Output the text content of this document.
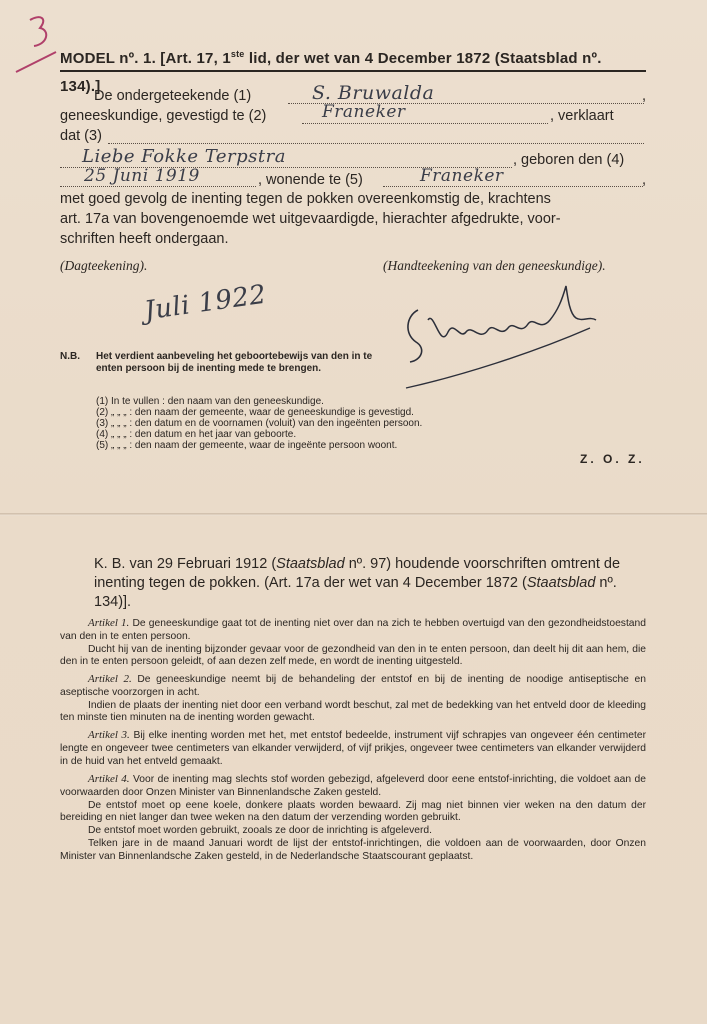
MODEL nº. 1. [Art. 17, 1ste lid, der wet van 4 December 1872 (Staatsblad nº. 134).]
De ondergeteekende (1)	S. Bruwalda	,
geneeskundige, gevestigd te (2)	Franeker	, verklaart
dat (3)
Liebe Fokke Terpstra	, geboren den (4)
25 Juni 1919	, wonende te (5)	Franeker	,
met goed gevolg de inenting tegen de pokken overeenkomstig de, krachtens
art. 17a van bovengenoemde wet uitgevaardigde, hierachter afgedrukte, voor-
schriften heeft ondergaan.
(Dagteekening).	(Handteekening van den geneeskundige).
Juli 1922
N.B. Het verdient aanbeveling het geboortebewijs van den in te enten persoon bij de inenting mede te brengen.
(1) In te vullen : den naam van den geneeskundige.
(2) „ „ „ : den naam der gemeente, waar de geneeskundige is gevestigd.
(3) „ „ „ : den datum en de voornamen (voluit) van den ingeënten persoon.
(4) „ „ „ : den datum en het jaar van geboorte.
(5) „ „ „ : den naam der gemeente, waar de ingeënte persoon woont.
Z. O. Z.
K. B. van 29 Februari 1912 (Staatsblad nº. 97) houdende voorschriften omtrent de inenting tegen de pokken. (Art. 17a der wet van 4 December 1872 (Staatsblad nº. 134)].

Artikel 1. De geneeskundige gaat tot de inenting niet over dan na zich te hebben overtuigd van den gezondheidstoestand van den in te enten persoon.

Ducht hij van de inenting bijzonder gevaar voor de gezondheid van den in te enten persoon, dan deelt hij dit aan hem, die den in te enten persoon geleidt, of aan dezen zelf mede, en wordt de inenting uitgesteld.

Artikel 2. De geneeskundige neemt bij de behandeling der entstof en bij de inenting de noodige antiseptische en aseptische voorzorgen in acht.

Indien de plaats der inenting niet door een verband wordt beschut, zal met de bedekking van het entveld door de kleeding ten minste tien minuten na de inenting worden gewacht.

Artikel 3. Bij elke inenting worden met het, met entstof bedeelde, instrument vijf schrapjes van ongeveer één centimeter lengte en ongeveer twee centimeters van elkander verwijderd, of vijf prikjes, ongeveer twee centimeters van elkander verwijderd in de huid van het entveld gemaakt.

Artikel 4. Voor de inenting mag slechts stof worden gebezigd, afgeleverd door eene entstof-inrichting, die voldoet aan de voorwaarden door Onzen Minister van Binnenlandsche Zaken gesteld.

De entstof moet op eene koele, donkere plaats worden bewaard. Zij mag niet binnen vier weken na den datum der bereiding en niet langer dan twee weken na den datum der verzending worden gebruikt.

De entstof moet worden gebruikt, zooals ze door de inrichting is afgeleverd.

Telken jare in de maand Januari wordt de lijst der entstof-inrichtingen, die voldoen aan de voorwaarden, door Onzen Minister van Binnenlandsche Zaken gesteld, in de Nederlandsche Staatscourant geplaatst.
